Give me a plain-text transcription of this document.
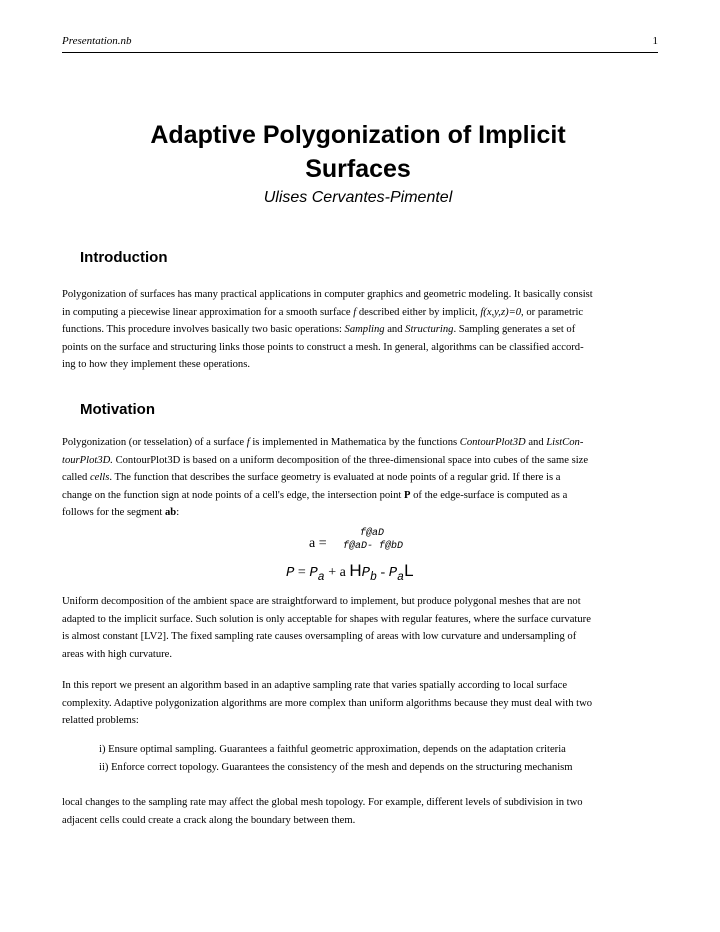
Presentation.nb	1
Adaptive Polygonization of Implicit
Surfaces
Ulises Cervantes-Pimentel
Introduction
Polygonization of surfaces has many practical applications in computer graphics and geometric modeling. It basically consist
in computing a piecewise linear approximation for a smooth surface f described either by implicit, f(x,y,z)=0, or parametric
functions. This procedure involves basically two basic operations: Sampling and Structuring. Sampling generates a set of
points on the surface and structuring links those points to construct a mesh. In general, algorithms can be classified accord-
ing to how they implement these operations.
Motivation
Polygonization (or tesselation) of a surface f is implemented in Mathematica by the functions ContourPlot3D and ListCon-
tourPlot3D. ContourPlot3D is based on a uniform decomposition of the three-dimensional space into cubes of the same size
called cells. The function that describes the surface geometry is evaluated at node points of a regular grid. If there is a
change on the function sign at node points of a cell's edge, the intersection point P of the edge-surface is computed as a
follows for the segment ab:
a =
f@aD
f@aD- f@bD
$P = P_a + a$ $HP_b - P_aL$
Uniform decomposition of the ambient space are straightforward to implement, but produce polygonal meshes that are not
adapted to the implicit surface. Such solution is only acceptable for shapes with regular features, where the surface curvature
is almost constant [LV2]. The fixed sampling rate causes oversampling of areas with low curvature and undersampling of
areas with high curvature.
In this report we present an algorithm based in an adaptive sampling rate that varies spatially according to local surface
complexity. Adaptive polygonization algorithms are more complex than uniform algorithms because they must deal with two
relatted problems:
i) Ensure optimal sampling. Guarantees a faithful geometric approximation, depends on the adaptation criteria
ii) Enforce correct topology. Guarantees the consistency of the mesh and depends on the structuring mechanism
local changes to the sampling rate may affect the global mesh topology. For example, different levels of subdivision in two
adjacent cells could create a crack along the boundary between them.
